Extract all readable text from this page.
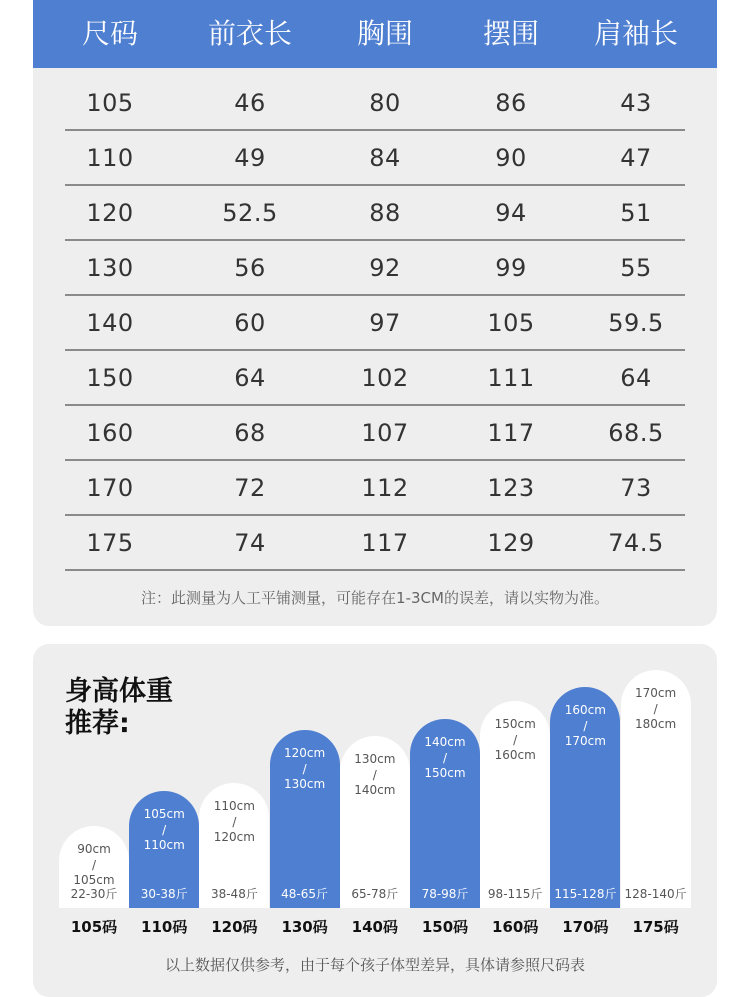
尺码	前衣长	胸围	摆围	肩袖长
105	46	80	86	43
110	49	84	90	47
120	52.5	88	94	51
130	56	92	99	55
140	60	97	105	59.5
150	64	102	111	64
160	68	107	117	68.5
170	72	112	123	73
175	74	117	129	74.5
注：此测量为人工平铺测量，可能存在1-3CM的误差，请以实物为准。
身高体重
推荐:
90cm
/
105cm
22-30斤
105码
105cm
/
110cm
30-38斤
110码
110cm
/
120cm
38-48斤
120码
120cm
/
130cm
48-65斤
130码
130cm
/
140cm
65-78斤
140码
140cm
/
150cm
78-98斤
150码
150cm
/
160cm
98-115斤
160码
160cm
/
170cm
115-128斤
170码
170cm
/
180cm
128-140斤
175码
以上数据仅供参考，由于每个孩子体型差异，具体请参照尺码表
